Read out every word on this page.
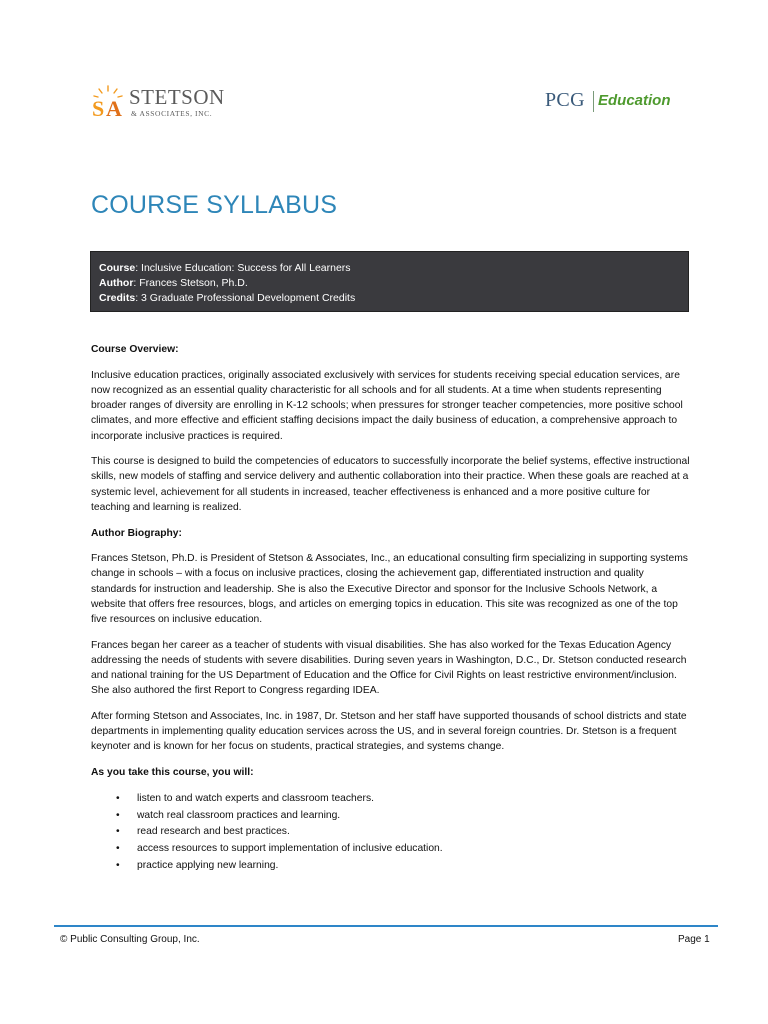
S A STETSON
& ASSOCIATES, INC.
PCG Education
COURSE SYLLABUS
Course: Inclusive Education: Success for All Learners
Author: Frances Stetson, Ph.D.
Credits: 3 Graduate Professional Development Credits
Course Overview:

Inclusive education practices, originally associated exclusively with services for students receiving special education services, are now recognized as an essential quality characteristic for all schools and for all students. At a time when students representing broader ranges of diversity are enrolling in K-12 schools; when pressures for stronger teacher competencies, more positive school climates, and more effective and efficient staffing decisions impact the daily business of education, a comprehensive approach to incorporate inclusive practices is required.

This course is designed to build the competencies of educators to successfully incorporate the belief systems, effective instructional skills, new models of staffing and service delivery and authentic collaboration into their practice. When these goals are reached at a systemic level, achievement for all students in increased, teacher effectiveness is enhanced and a more positive culture for teaching and learning is realized.

Author Biography:

Frances Stetson, Ph.D. is President of Stetson & Associates, Inc., an educational consulting firm specializing in supporting systems change in schools – with a focus on inclusive practices, closing the achievement gap, differentiated instruction and quality standards for instruction and leadership. She is also the Executive Director and sponsor for the Inclusive Schools Network, a website that offers free resources, blogs, and articles on emerging topics in education. This site was recognized as one of the top five resources on inclusive education.

Frances began her career as a teacher of students with visual disabilities. She has also worked for the Texas Education Agency addressing the needs of students with severe disabilities. During seven years in Washington, D.C., Dr. Stetson conducted research and national training for the US Department of Education and the Office for Civil Rights on least restrictive environment/inclusion. She also authored the first Report to Congress regarding IDEA.

After forming Stetson and Associates, Inc. in 1987, Dr. Stetson and her staff have supported thousands of school districts and state departments in implementing quality education services across the US, and in several foreign countries. Dr. Stetson is a frequent keynoter and is known for her focus on students, practical strategies, and systems change.

As you take this course, you will:
• listen to and watch experts and classroom teachers.
• watch real classroom practices and learning.
• read research and best practices.
• access resources to support implementation of inclusive education.
• practice applying new learning.
© Public Consulting Group, Inc.	Page 1
